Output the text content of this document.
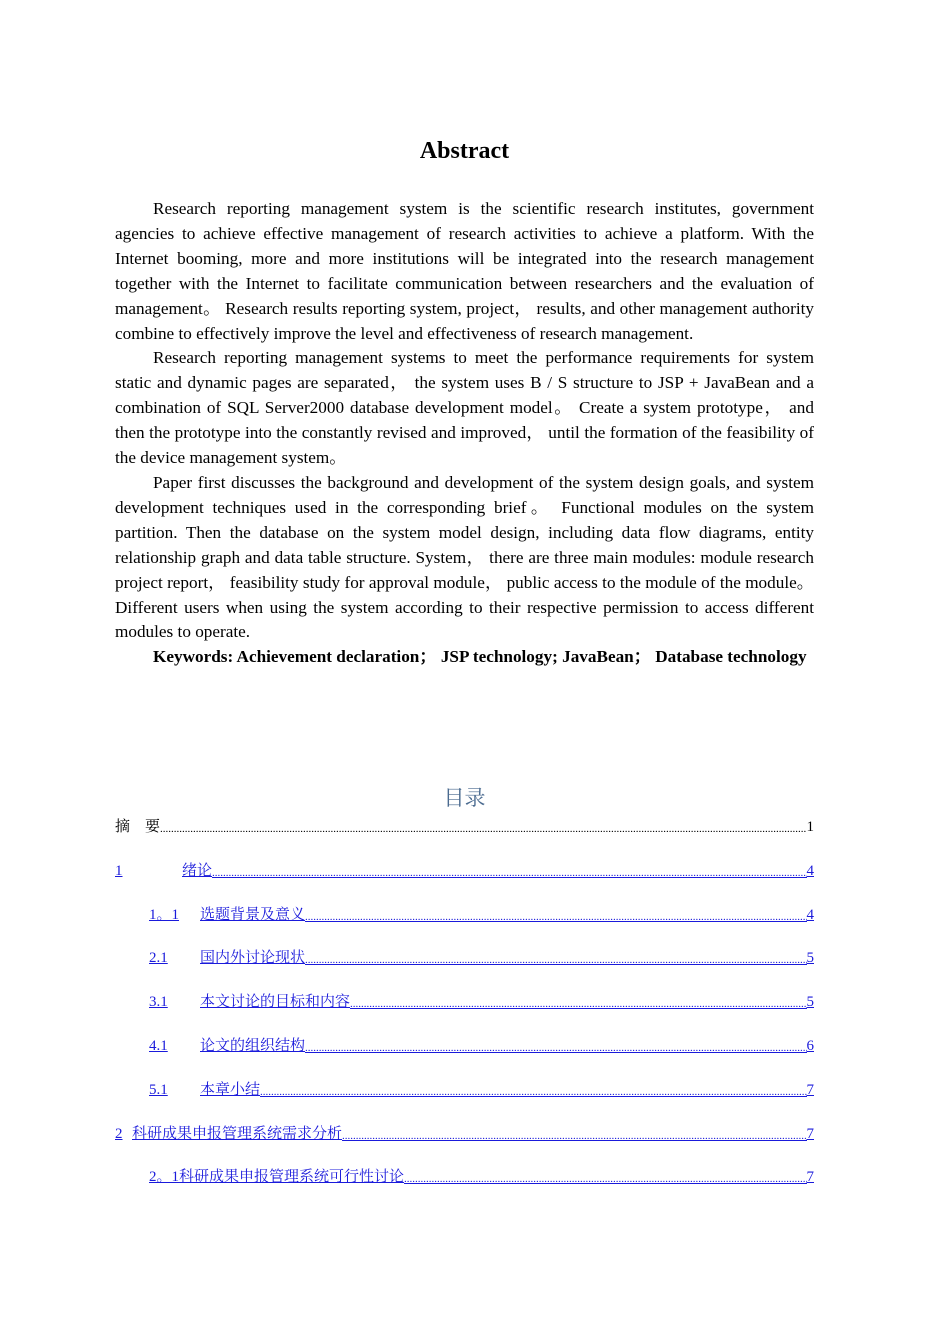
Abstract

Research reporting management system is the scientific research institutes, government agencies to achieve effective management of research activities to achieve a platform. With the Internet booming, more and more institutions will be integrated into the research management together with the Internet to facilitate communication between researchers and the evaluation of management。 Research results reporting system, project， results, and other management authority combine to effectively improve the level and effectiveness of research management.

Research reporting management systems to meet the performance requirements for system static and dynamic pages are separated， the system uses B / S structure to JSP + JavaBean and a combination of SQL Server2000 database development model。 Create a system prototype， and then the prototype into the constantly revised and improved， until the formation of the feasibility of the device management system。

Paper first discusses the background and development of the system design goals, and system development techniques used in the corresponding brief。 Functional modules on the system partition. Then the database on the system model design, including data flow diagrams, entity relationship graph and data table structure. System， there are three main modules: module research project report， feasibility study for approval module， public access to the module of the module。 Different users when using the system according to their respective permission to access different modules to operate.

Keywords: Achievement declaration； JSP technology; JavaBean； Database technology

目录
摘　要 .....	1
1	绪论 .....	4
1。1	选题背景及意义 .....	4
2.1	国内外讨论现状 .....	5
3.1	本文讨论的目标和内容 .....	5
4.1	论文的组织结构 .....	6
5.1	本章小结 .....	7
2 科研成果申报管理系统需求分析 .....	7
2。1 科研成果申报管理系统可行性讨论 .....	7
